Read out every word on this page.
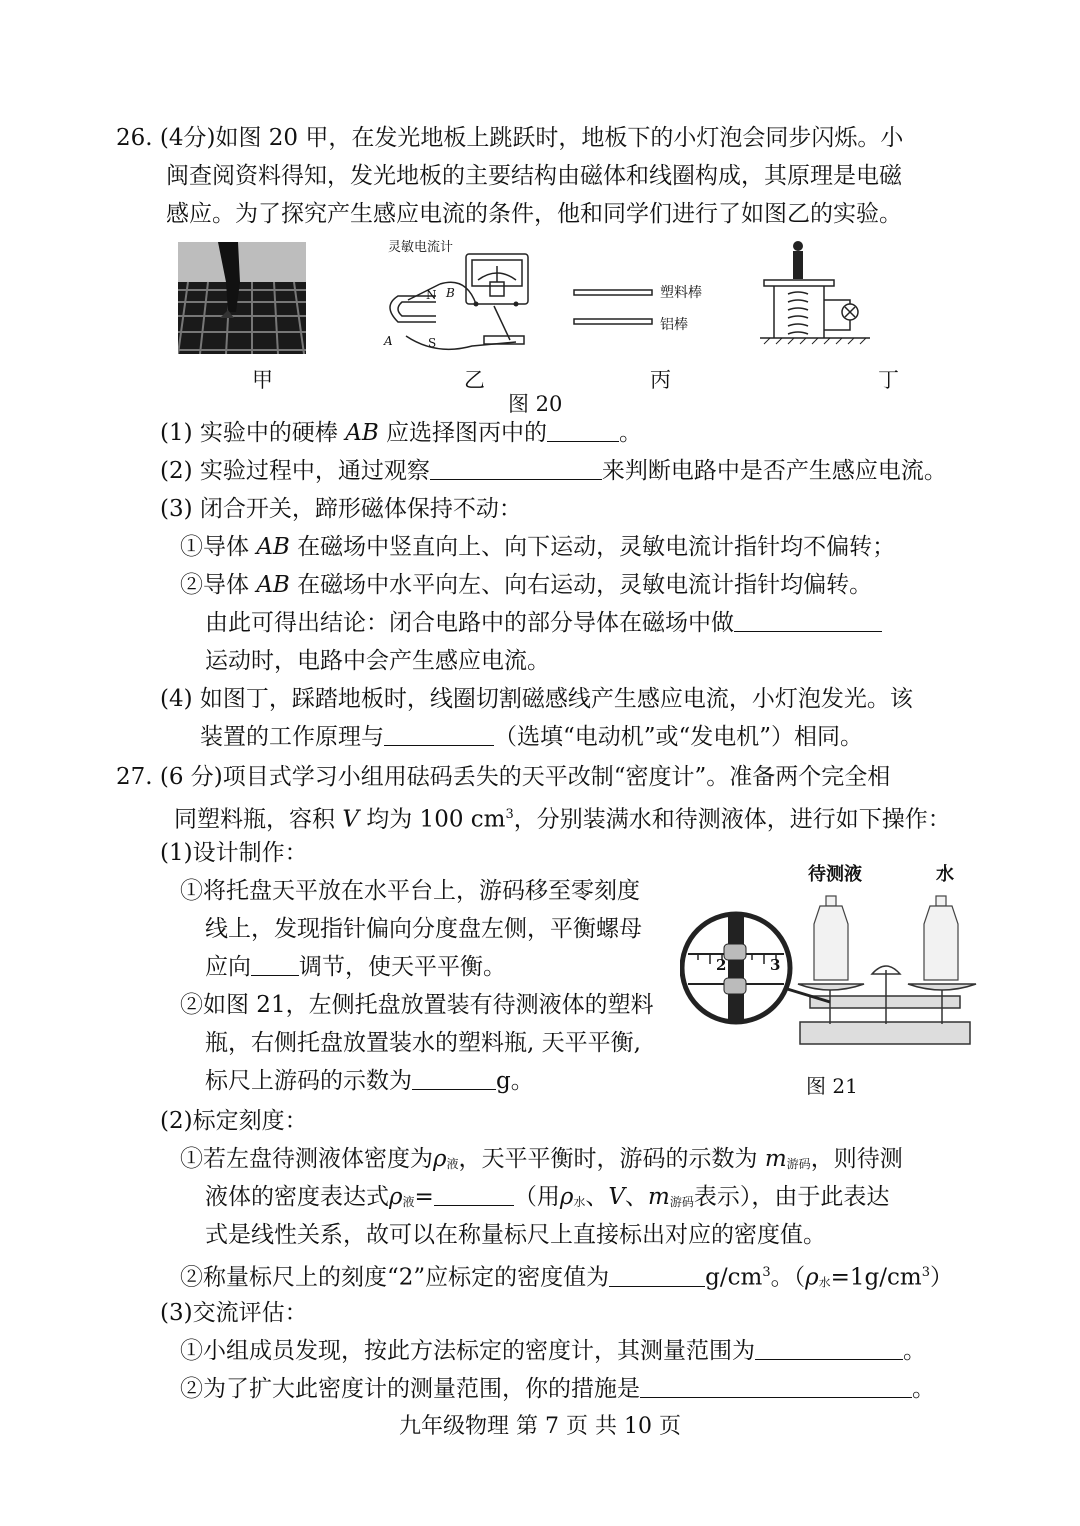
26. (4分)如图 20 甲，在发光地板上跳跃时，地板下的小灯泡会同步闪烁。小
闽查阅资料得知，发光地板的主要结构由磁体和线圈构成，其原理是电磁
感应。为了探究产生感应电流的条件，他和同学们进行了如图乙的实验。
甲
灵敏电流计
N B
A	S
乙
塑料棒
铝棒
丙	丁
图 20
(1) 实验中的硬棒 AB 应选择图丙中的	。
(2) 实验过程中，通过观察	来判断电路中是否产生感应电流。
(3) 闭合开关，蹄形磁体保持不动：
①导体 AB 在磁场中竖直向上、向下运动，灵敏电流计指针均不偏转；
②导体 AB 在磁场中水平向左、向右运动，灵敏电流计指针均偏转。
由此可得出结论：闭合电路中的部分导体在磁场中做
运动时，电路中会产生感应电流。
(4) 如图丁，踩踏地板时，线圈切割磁感线产生感应电流，小灯泡发光。该
装置的工作原理与	（选填“电动机”或“发电机”）相同。
27. (6 分)项目式学习小组用砝码丢失的天平改制“密度计”。准备两个完全相
同塑料瓶，容积 V 均为 100 $cm^3$，分别装满水和待测液体，进行如下操作：
(1)设计制作：
①将托盘天平放在水平台上，游码移至零刻度
线上，发现指针偏向分度盘左侧，平衡螺母
应向 调节，使天平平衡。
②如图 21，左侧托盘放置装有待测液体的塑料
瓶，右侧托盘放置装水的塑料瓶, 天平平衡,
标尺上游码的示数为	g。
待测液	水
2	3
图 21
(2)标定刻度：
①若左盘待测液体密度为$\rho_液$，天平平衡时，游码的示数为 $m_{游码}$，则待测
液体的密度表达式$\rho_液=$	（用$\rho_水$、V、$m_{游码}$表示），由于此表达
式是线性关系，故可以在称量标尺上直接标出对应的密度值。
②称量标尺上的刻度“2”应标定的密度值为	$g/cm^3$。$(\rho_水=1g/cm^3)$
(3)交流评估：
①小组成员发现，按此方法标定的密度计，其测量范围为	。
②为了扩大此密度计的测量范围，你的措施是	。
九年级物理 第 7 页 共 10 页
